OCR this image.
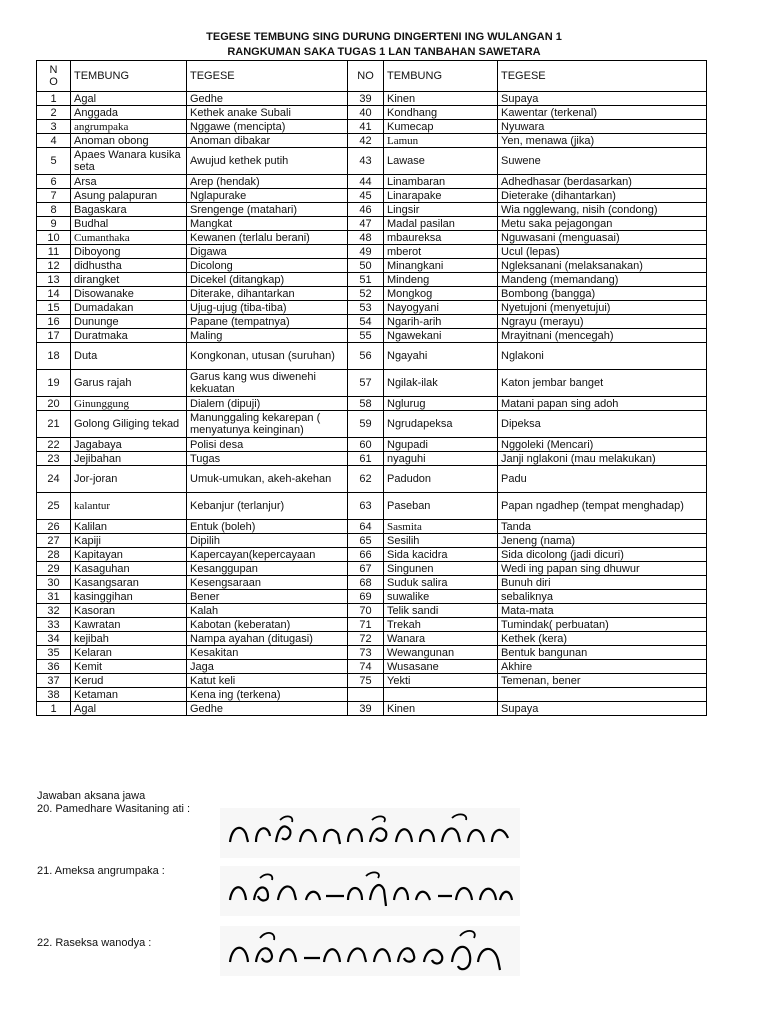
TEGESE TEMBUNG SING DURUNG DINGERTENI ING WULANGAN 1
RANGKUMAN SAKA TUGAS 1 LAN TANBAHAN SAWETARA
N
O	TEMBUNG	TEGESE	NO	TEMBUNG	TEGESE
1	Agal	Gedhe	39	Kinen	Supaya
2	Anggada	Kethek anake Subali	40	Kondhang	Kawentar (terkenal)
3	angrumpaka	Nggawe (mencipta)	41	Kumecap	Nyuwara
4	Anoman obong	Anoman dibakar	42	Lamun	Yen, menawa (jika)
5	Apaes Wanara kusika seta	Awujud kethek putih	43	Lawase	Suwene
6	Arsa	Arep (hendak)	44	Linambaran	Adhedhasar (berdasarkan)
7	Asung palapuran	Nglapurake	45	Linarapake	Dieterake (dihantarkan)
8	Bagaskara	Srengenge (matahari)	46	Lingsir	Wia ngglewang, nisih (condong)
9	Budhal	Mangkat	47	Madal pasilan	Metu saka pejagongan
10	Cumanthaka	Kewanen (terlalu berani)	48	mbaureksa	Nguwasani (menguasai)
11	Diboyong	Digawa	49	mberot	Ucul (lepas)
12	didhustha	Dicolong	50	Minangkani	Ngleksanani (melaksanakan)
13	dirangket	Dicekel (ditangkap)	51	Mindeng	Mandeng (memandang)
14	Disowanake	Diterake, dihantarkan	52	Mongkog	Bombong (bangga)
15	Dumadakan	Ujug-ujug (tiba-tiba)	53	Nayogyani	Nyetujoni (menyetujui)
16	Dununge	Papane (tempatnya)	54	Ngarih-arih	Ngrayu (merayu)
17	Duratmaka	Maling	55	Ngawekani	Mrayitnani (mencegah)
18	Duta	Kongkonan, utusan (suruhan)	56	Ngayahi	Nglakoni
19	Garus rajah	Garus kang wus diwenehi kekuatan	57	Ngilak-ilak	Katon jembar banget
20	Ginunggung	Dialem (dipuji)	58	Nglurug	Matani papan sing adoh
21	Golong Giliging tekad	Manunggaling kekarepan ( menyatunya keinginan)	59	Ngrudapeksa	Dipeksa
22	Jagabaya	Polisi desa	60	Ngupadi	Nggoleki (Mencari)
23	Jejibahan	Tugas	61	nyaguhi	Janji nglakoni (mau melakukan)
24	Jor-joran	Umuk-umukan, akeh-akehan	62	Padudon	Padu
25	kalantur	Kebanjur (terlanjur)	63	Paseban	Papan ngadhep (tempat menghadap)
26	Kalilan	Entuk (boleh)	64	Sasmita	Tanda
27	Kapiji	Dipilih	65	Sesilih	Jeneng (nama)
28	Kapitayan	Kapercayan(kepercayaan	66	Sida kacidra	Sida dicolong (jadi dicuri)
29	Kasaguhan	Kesanggupan	67	Singunen	Wedi ing papan sing dhuwur
30	Kasangsaran	Kesengsaraan	68	Suduk salira	Bunuh diri
31	kasinggihan	Bener	69	suwalike	sebaliknya
32	Kasoran	Kalah	70	Telik sandi	Mata-mata
33	Kawratan	Kabotan (keberatan)	71	Trekah	Tumindak( perbuatan)
34	kejibah	Nampa ayahan (ditugasi)	72	Wanara	Kethek (kera)
35	Kelaran	Kesakitan	73	Wewangunan	Bentuk bangunan
36	Kemit	Jaga	74	Wusasane	Akhire
37	Kerud	Katut keli	75	Yekti	Temenan, bener
38	Ketaman	Kena ing (terkena)			
1	Agal	Gedhe	39	Kinen	Supaya
Jawaban aksana jawa
20. Pamedhare Wasitaning ati :
21. Ameksa angrumpaka :
22. Raseksa wanodya :
